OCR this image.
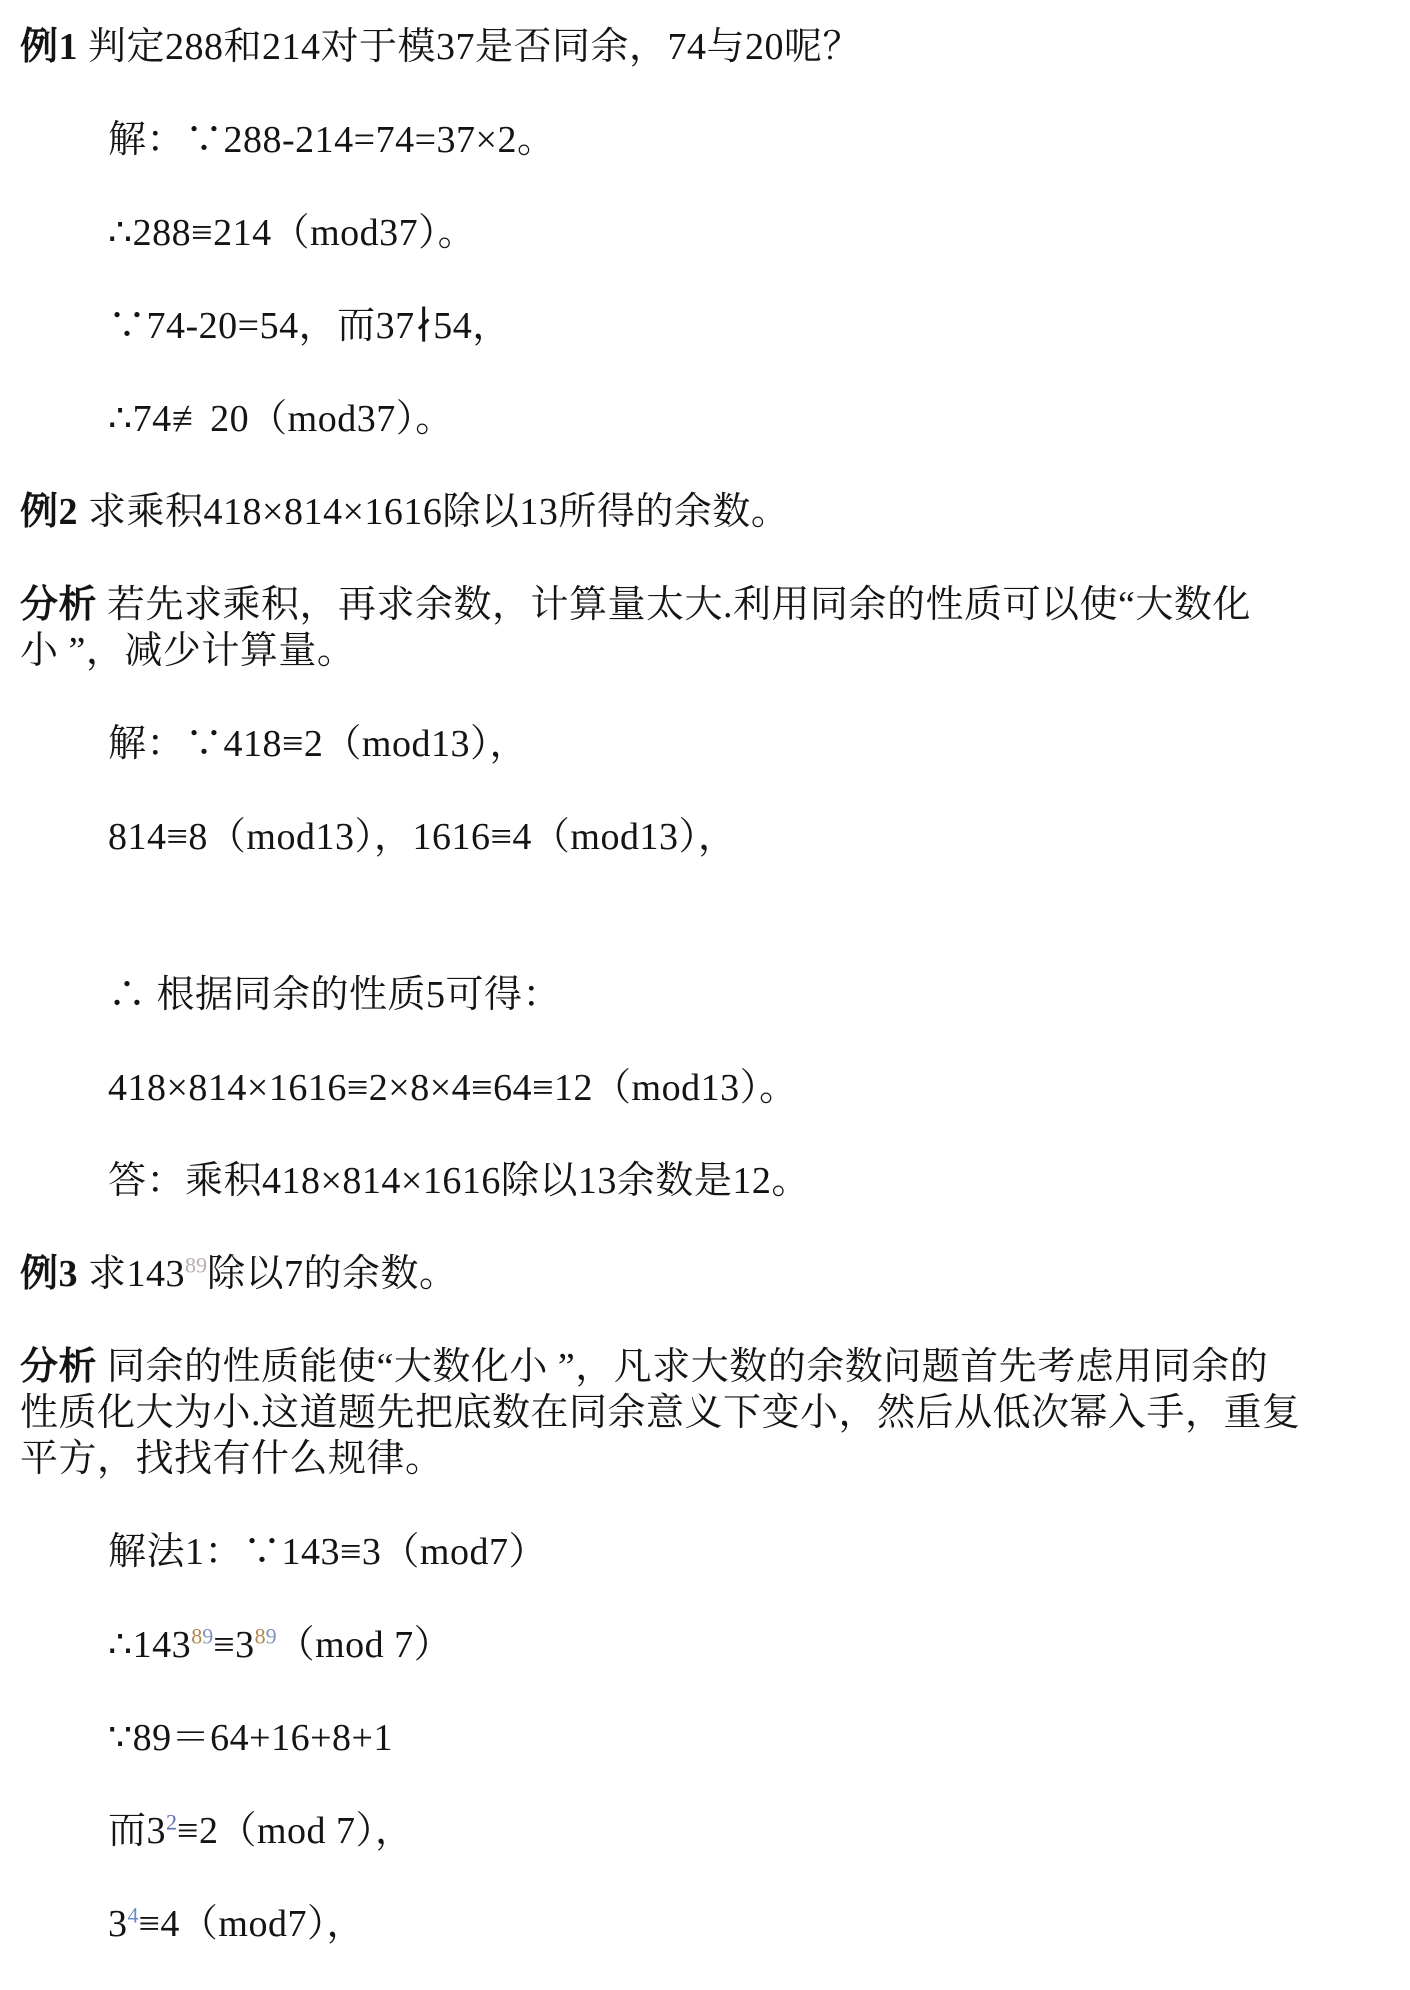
例1 判定288和214对于模37是否同余，74与20呢？

解：∵288-214=74=37×2。

∴288≡214（mod37）。

∵74-20=54，而37∤54，

∴74≢20（mod37）。

例2 求乘积418×814×1616除以13所得的余数。

分析 若先求乘积，再求余数，计算量太大.利用同余的性质可以使“大数化
小 ”，减少计算量。

解：∵418≡2（mod13），

814≡8（mod13），1616≡4（mod13），

∴ 根据同余的性质5可得：

418×814×1616≡2×8×4≡64≡12（mod13）。

答：乘积418×814×1616除以13余数是12。

例3 求$143^{89}$除以7的余数。

分析 同余的性质能使“大数化小 ”，凡求大数的余数问题首先考虑用同余的
性质化大为小.这道题先把底数在同余意义下变小，然后从低次幂入手，重复
平方，找找有什么规律。

解法1：∵143≡3（mod7）

$\therefore 143^{89}\equiv 3^{89}(mod$ 7）

∵89＝64+16+8+1

而$3^2\equiv 2(mod$ 7），

$3^4\equiv 4(mod7)$，
